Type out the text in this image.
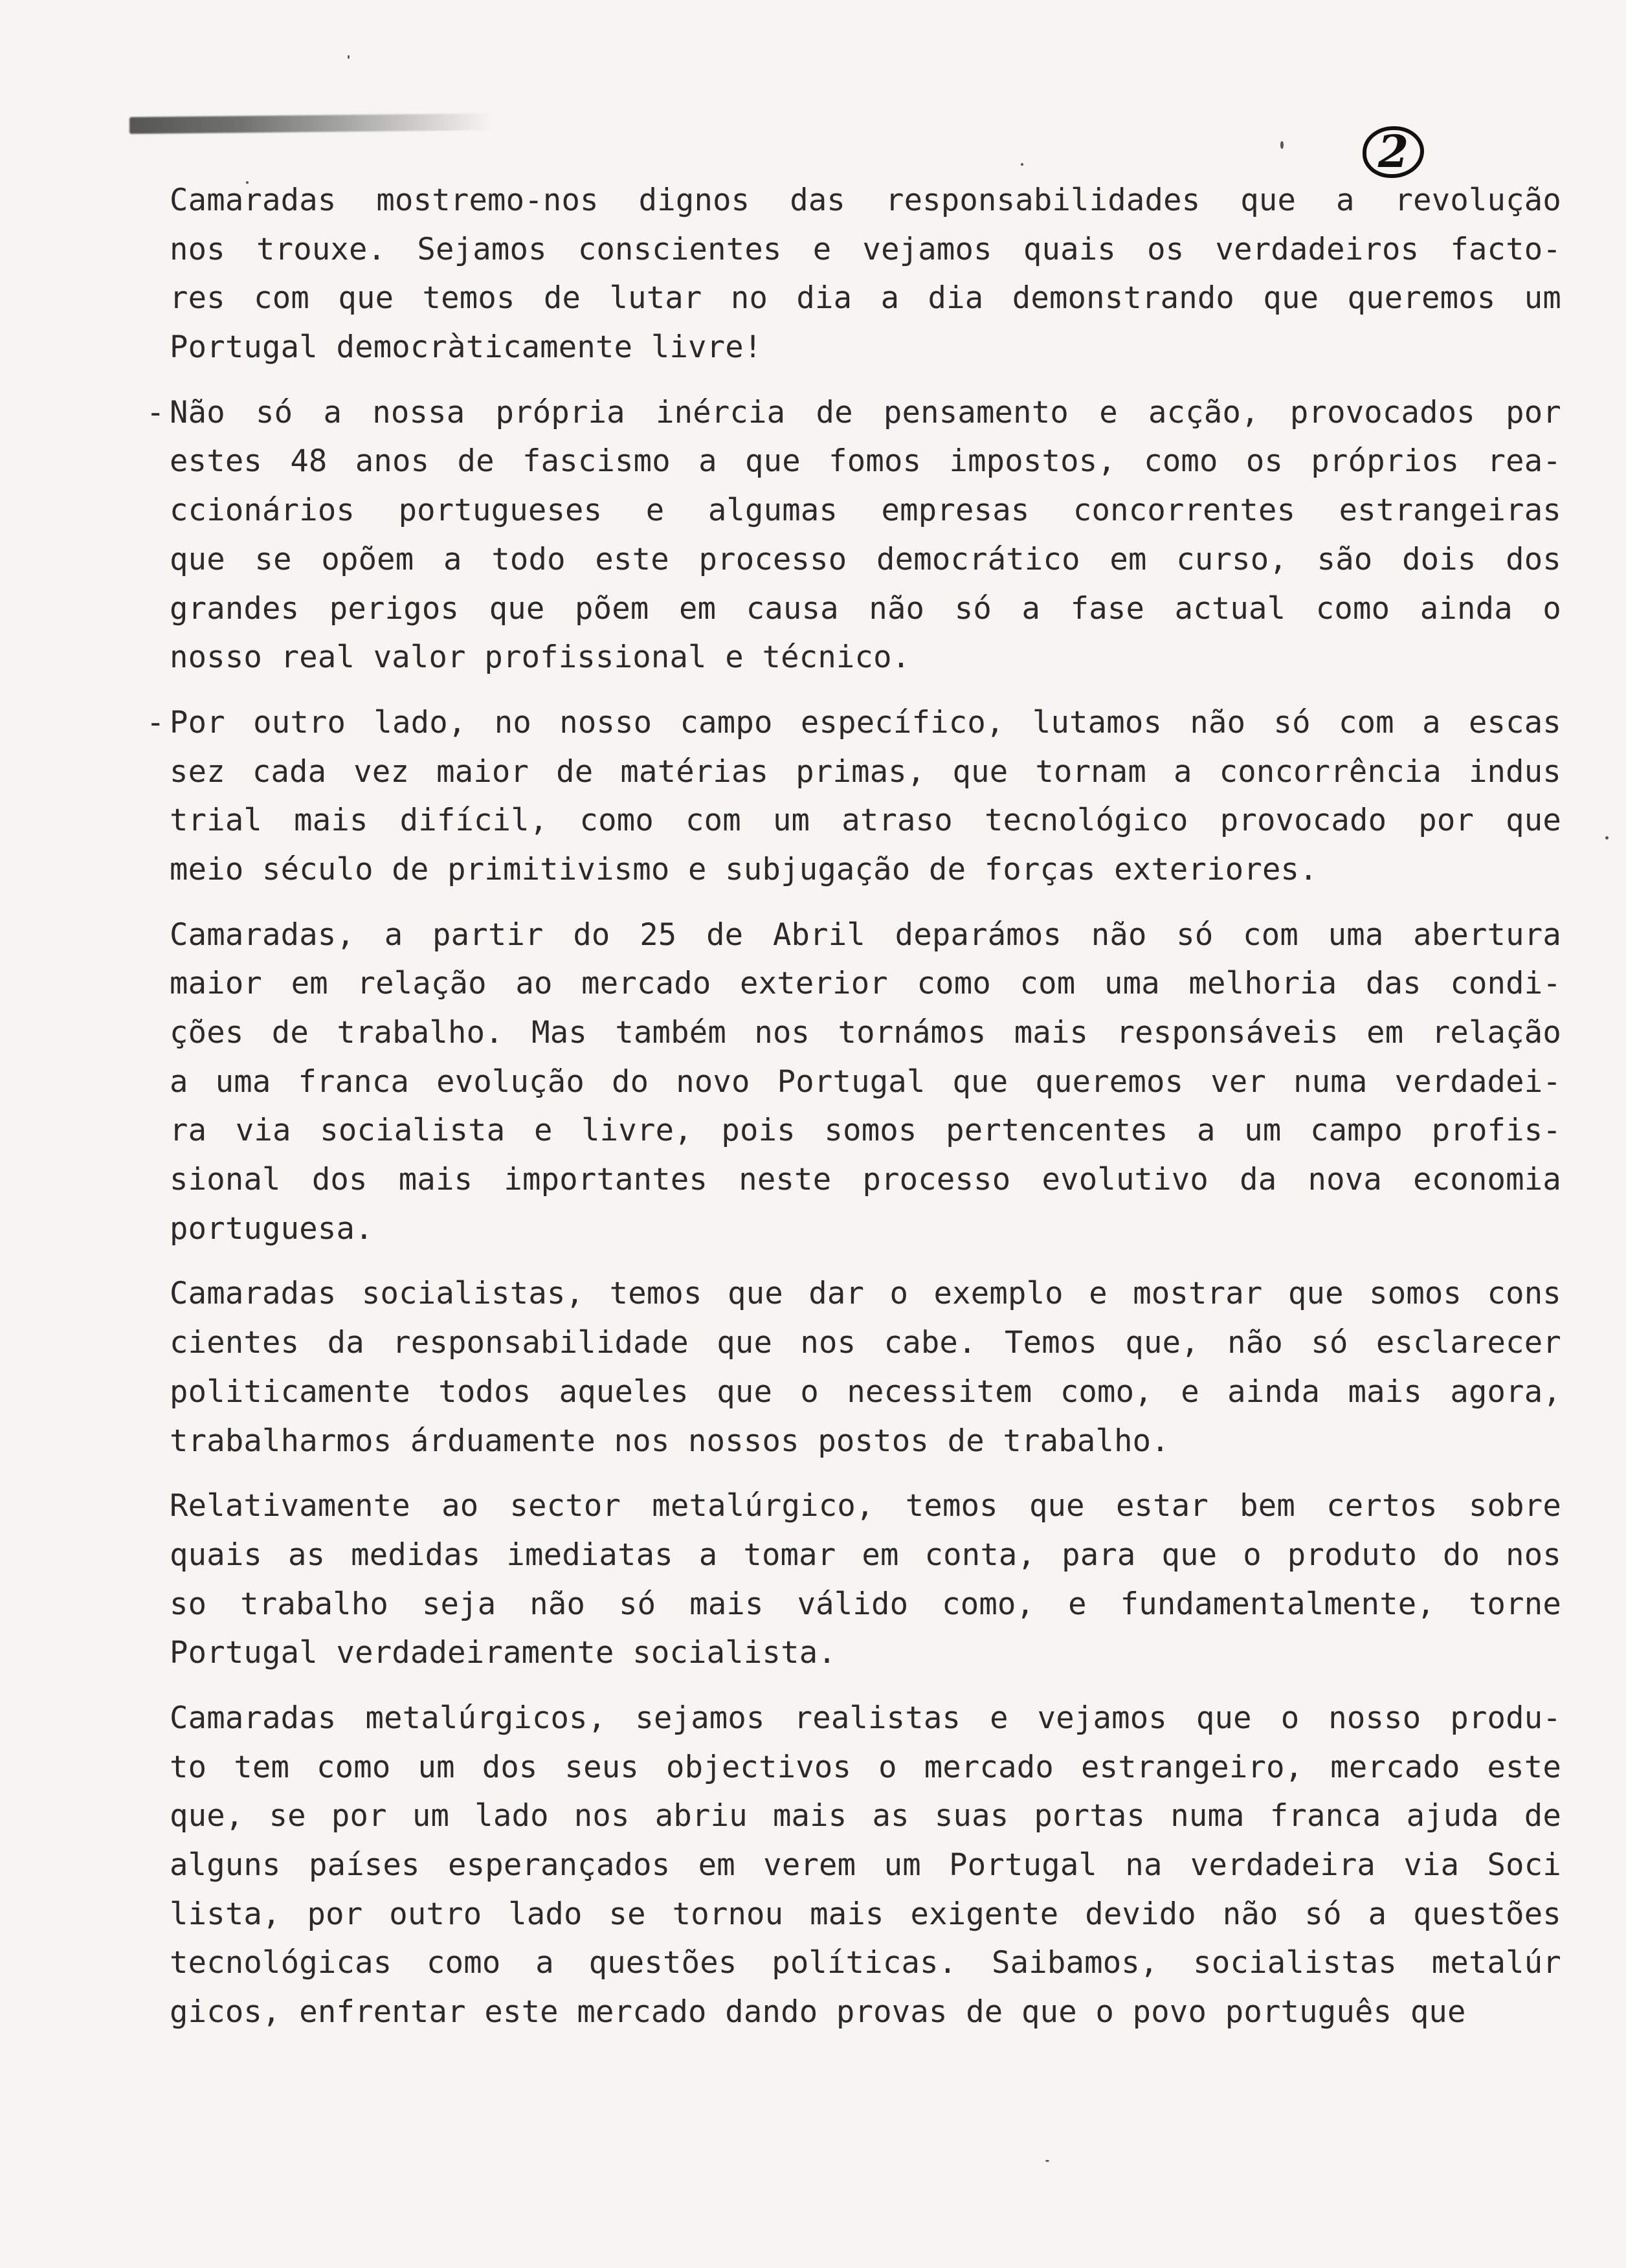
2
Camaradas mostremo-nos dignos das responsabilidades que a revolução
nos trouxe. Sejamos conscientes e vejamos quais os verdadeiros facto-
res com que temos de lutar no dia a dia demonstrando que queremos um
Portugal democràticamente livre!
- Não só a nossa própria inércia de pensamento e acção, provocados por
estes 48 anos de fascismo a que fomos impostos, como os próprios rea-
ccionários portugueses e algumas empresas concorrentes estrangeiras
que se opõem a todo este processo democrático em curso, são dois dos
grandes perigos que põem em causa não só a fase actual como ainda o
nosso real valor profissional e técnico.
- Por outro lado, no nosso campo específico, lutamos não só com a escas
sez cada vez maior de matérias primas, que tornam a concorrência indus
trial mais difícil, como com um atraso tecnológico provocado por que
meio século de primitivismo e subjugação de forças exteriores.
Camaradas, a partir do 25 de Abril deparámos não só com uma abertura
maior em relação ao mercado exterior como com uma melhoria das condi-
ções de trabalho. Mas também nos tornámos mais responsáveis em relação
a uma franca evolução do novo Portugal que queremos ver numa verdadei-
ra via socialista e livre, pois somos pertencentes a um campo profis-
sional dos mais importantes neste processo evolutivo da nova economia
portuguesa.
Camaradas socialistas, temos que dar o exemplo e mostrar que somos cons
cientes da responsabilidade que nos cabe. Temos que, não só esclarecer
politicamente todos aqueles que o necessitem como, e ainda mais agora,
trabalharmos árduamente nos nossos postos de trabalho.
Relativamente ao sector metalúrgico, temos que estar bem certos sobre
quais as medidas imediatas a tomar em conta, para que o produto do nos
so trabalho seja não só mais válido como, e fundamentalmente, torne
Portugal verdadeiramente socialista.
Camaradas metalúrgicos, sejamos realistas e vejamos que o nosso produ-
to tem como um dos seus objectivos o mercado estrangeiro, mercado este
que, se por um lado nos abriu mais as suas portas numa franca ajuda de
alguns países esperançados em verem um Portugal na verdadeira via Soci
lista, por outro lado se tornou mais exigente devido não só a questões
tecnológicas como a questões políticas. Saibamos, socialistas metalúr
gicos, enfrentar este mercado dando provas de que o povo português que
